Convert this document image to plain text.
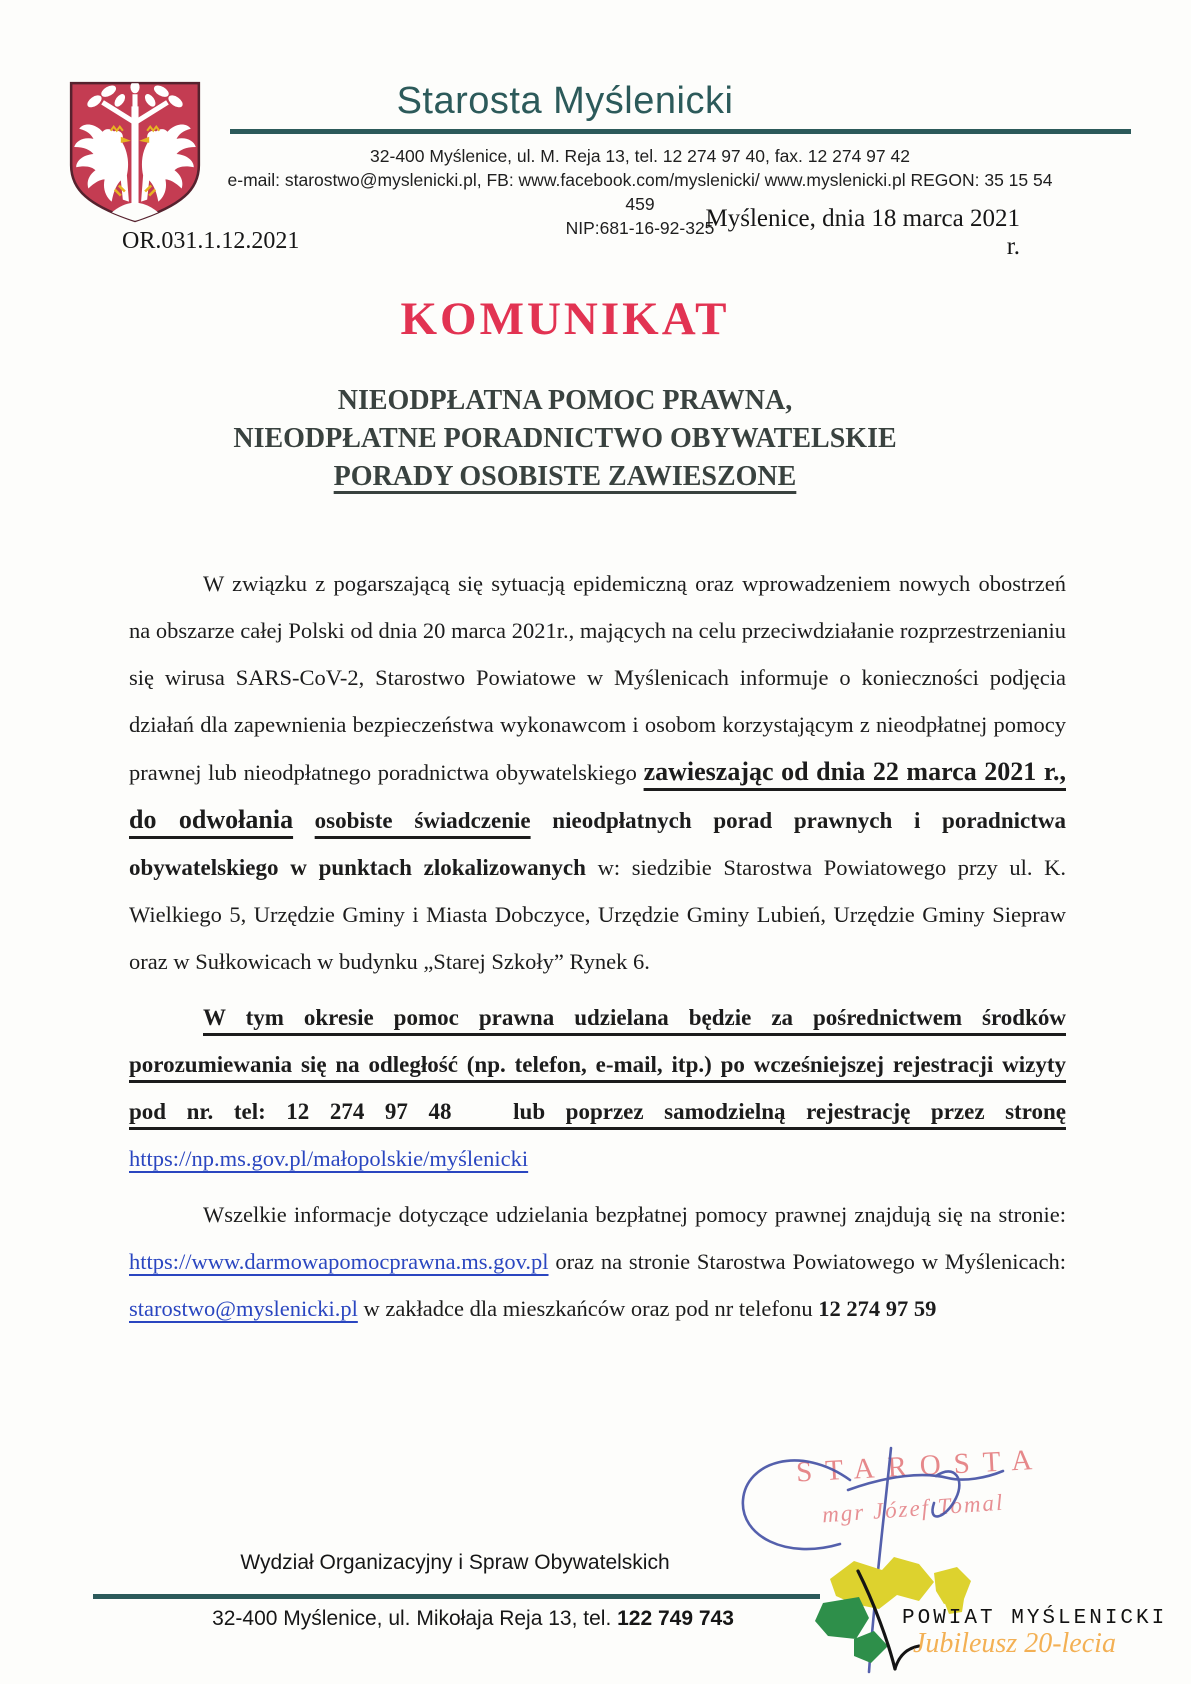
Starosta Myślenicki
32-400 Myślenice, ul. M. Reja 13, tel. 12 274 97 40, fax. 12 274 97 42
e-mail: starostwo@myslenicki.pl, FB: www.facebook.com/myslenicki/ www.myslenicki.pl REGON: 35 15 54 459
NIP:681-16-92-325
Myślenice, dnia 18 marca 2021 r.
OR.031.1.12.2021
KOMUNIKAT
NIEODPŁATNA POMOC PRAWNA,
NIEODPŁATNE PORADNICTWO OBYWATELSKIE
PORADY OSOBISTE ZAWIESZONE

W związku z pogarszającą się sytuacją epidemiczną oraz wprowadzeniem nowych obostrzeń na obszarze całej Polski od dnia 20 marca 2021r., mających na celu przeciwdziałanie rozprzestrzenianiu się wirusa SARS-CoV-2, Starostwo Powiatowe w Myślenicach informuje o konieczności podjęcia działań dla zapewnienia bezpieczeństwa wykonawcom i osobom korzystającym z nieodpłatnej pomocy prawnej lub nieodpłatnego poradnictwa obywatelskiego zawieszając od dnia 22 marca 2021 r., do odwołania osobiste świadczenie nieodpłatnych porad prawnych i poradnictwa obywatelskiego w punktach zlokalizowanych w: siedzibie Starostwa Powiatowego przy ul. K. Wielkiego 5, Urzędzie Gminy i Miasta Dobczyce, Urzędzie Gminy Lubień, Urzędzie Gminy Siepraw oraz w Sułkowicach w budynku „Starej Szkoły” Rynek 6.

W tym okresie pomoc prawna udzielana będzie za pośrednictwem środków porozumiewania się na odległość (np. telefon, e-mail, itp.) po wcześniejszej rejestracji wizyty pod nr. tel: 12 274 97 48   lub poprzez samodzielną rejestrację przez stronę https://np.ms.gov.pl/małopolskie/myślenicki

Wszelkie informacje dotyczące udzielania bezpłatnej pomocy prawnej znajdują się na stronie: https://www.darmowapomocprawna.ms.gov.pl oraz na stronie Starostwa Powiatowego w Myślenicach: starostwo@myslenicki.pl w zakładce dla mieszkańców oraz pod nr telefonu 12 274 97 59

STAROSTA
mgr Józef Tomal
Wydział Organizacyjny i Spraw Obywatelskich
32-400 Myślenice, ul. Mikołaja Reja 13, tel. 122 749 743	POWIAT MYŚLENICKI
Jubileusz 20-lecia
